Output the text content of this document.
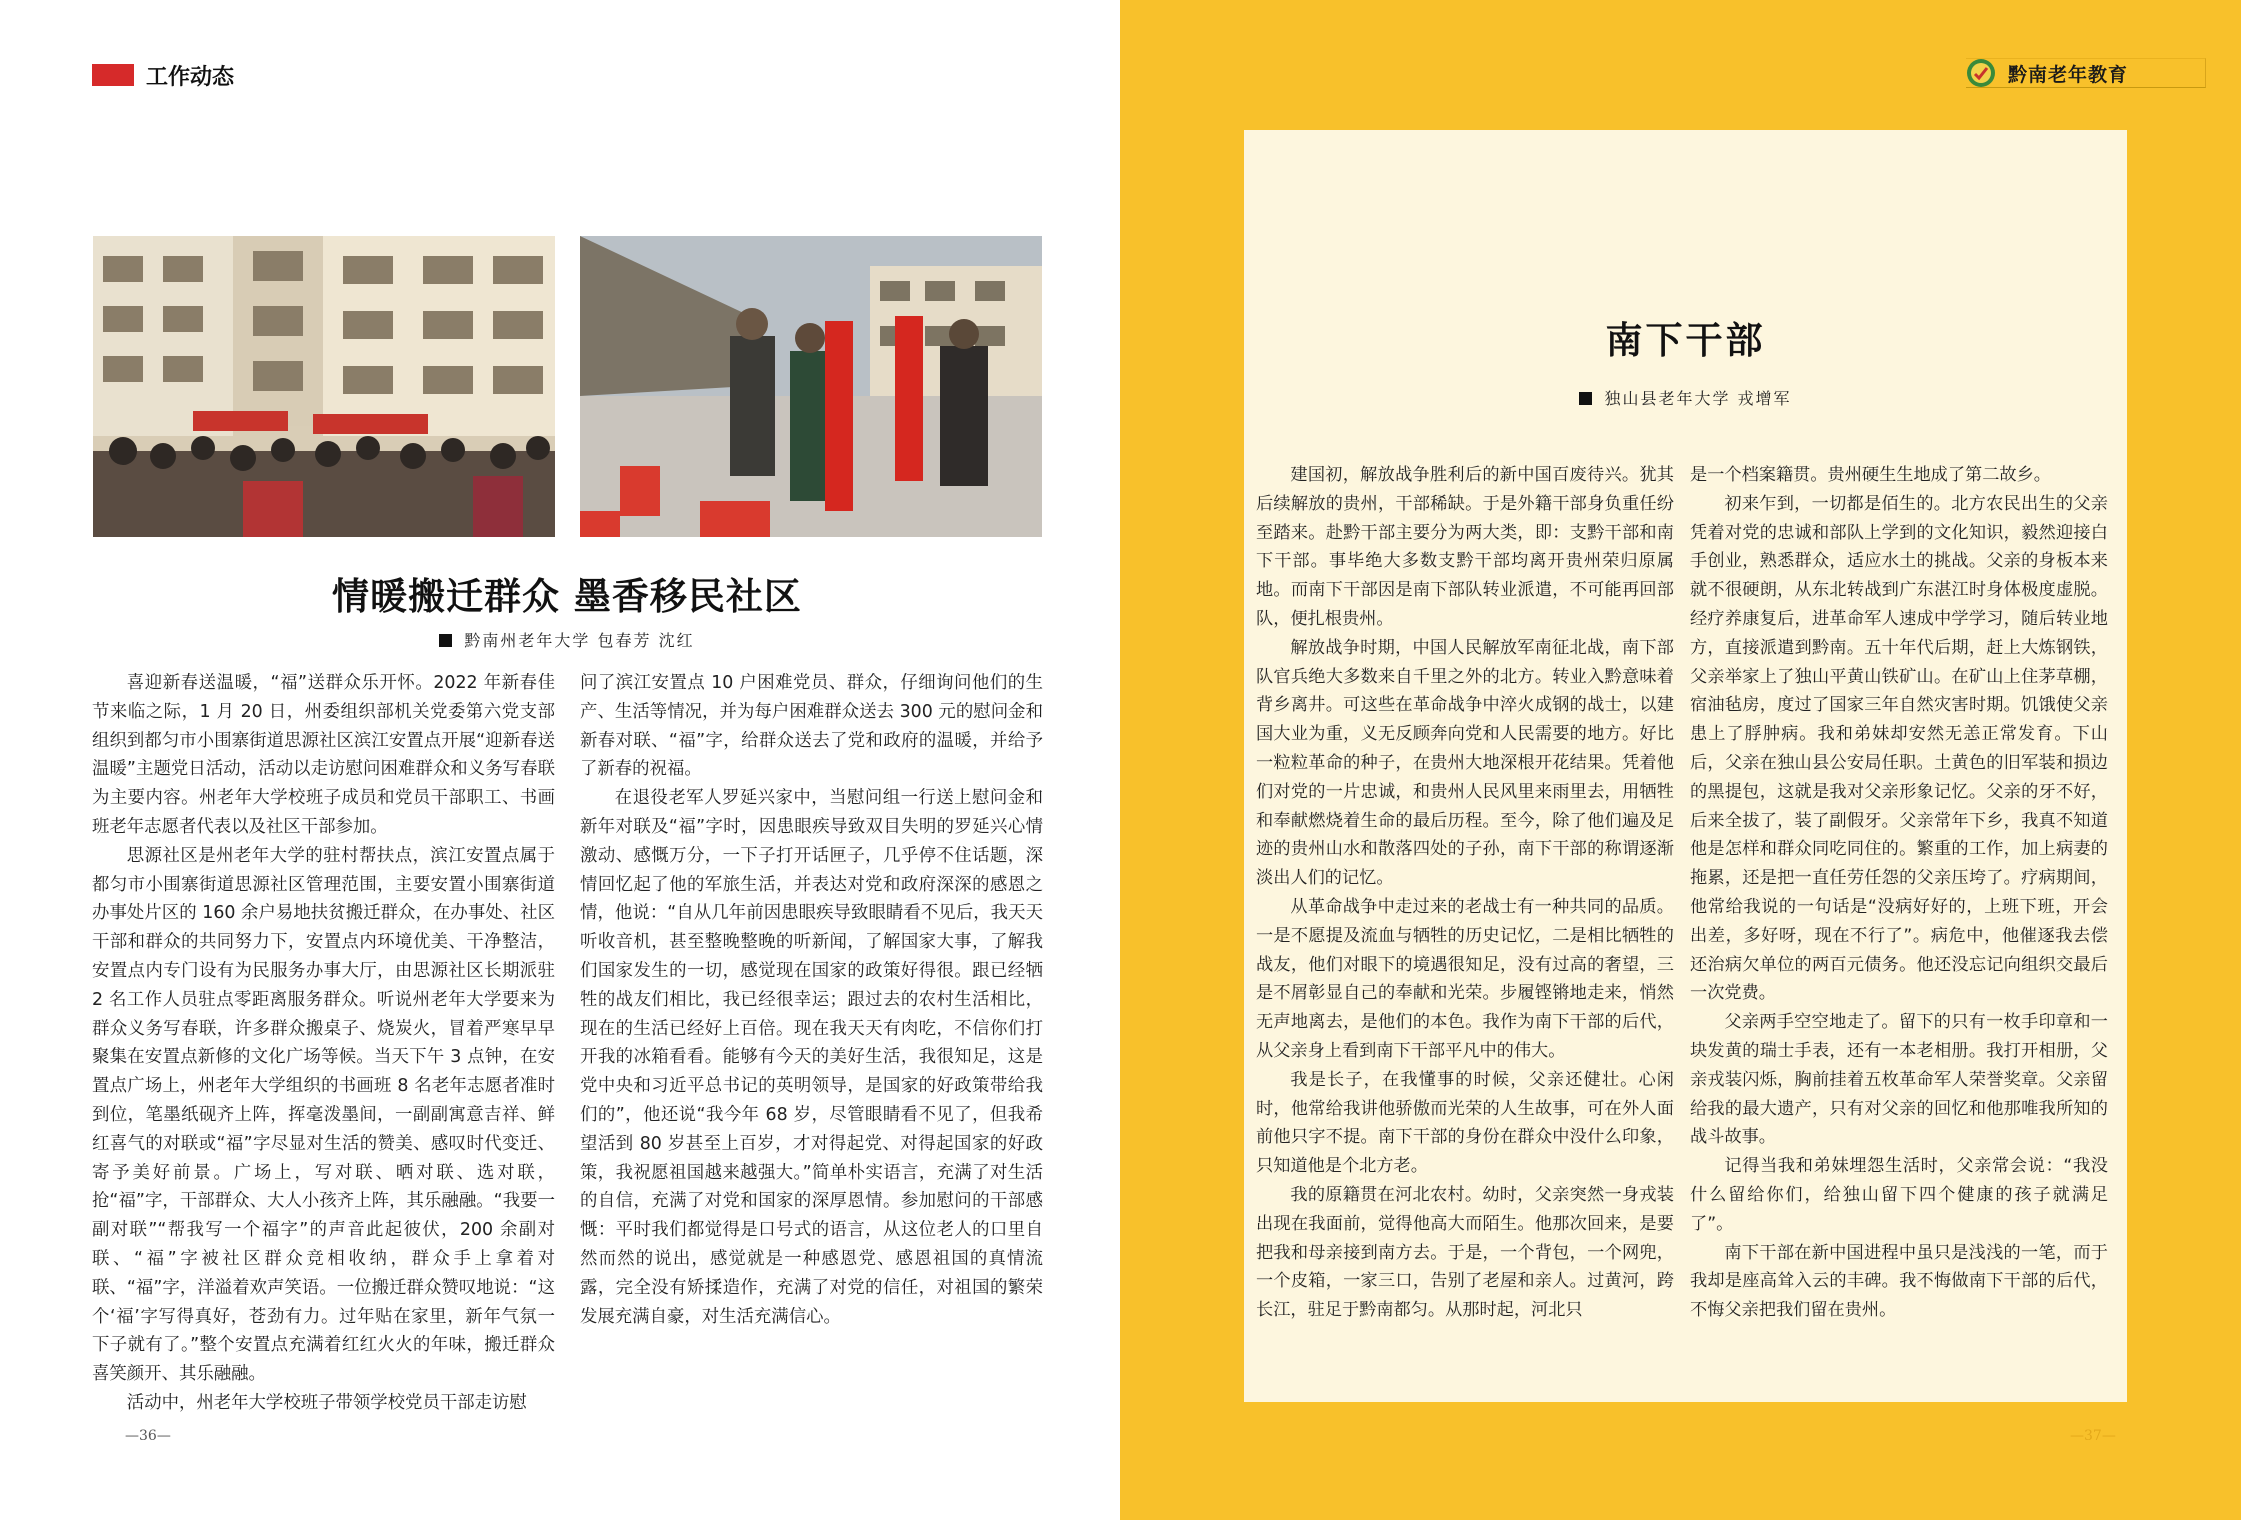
工作动态
情暖搬迁群众 墨香移民社区
黔南州老年大学 包春芳 沈红

喜迎新春送温暖，“福”送群众乐开怀。2022 年新春佳节来临之际，1 月 20 日，州委组织部机关党委第六党支部组织到都匀市小围寨街道思源社区滨江安置点开展“迎新春送温暖”主题党日活动，活动以走访慰问困难群众和义务写春联为主要内容。州老年大学校班子成员和党员干部职工、书画班老年志愿者代表以及社区干部参加。

思源社区是州老年大学的驻村帮扶点，滨江安置点属于都匀市小围寨街道思源社区管理范围，主要安置小围寨街道办事处片区的 160 余户易地扶贫搬迁群众，在办事处、社区干部和群众的共同努力下，安置点内环境优美、干净整洁，安置点内专门设有为民服务办事大厅，由思源社区长期派驻 2 名工作人员驻点零距离服务群众。听说州老年大学要来为群众义务写春联，许多群众搬桌子、烧炭火，冒着严寒早早聚集在安置点新修的文化广场等候。当天下午 3 点钟，在安置点广场上，州老年大学组织的书画班 8 名老年志愿者准时到位，笔墨纸砚齐上阵，挥毫泼墨间，一副副寓意吉祥、鲜红喜气的对联或“福”字尽显对生活的赞美、感叹时代变迁、寄予美好前景。广场上，写对联、晒对联、选对联，抢“福”字，干部群众、大人小孩齐上阵，其乐融融。“我要一副对联”“帮我写一个福字”的声音此起彼伏，200 余副对联、“福”字被社区群众竞相收纳，群众手上拿着对联、“福”字，洋溢着欢声笑语。一位搬迁群众赞叹地说：“这个‘福’字写得真好，苍劲有力。过年贴在家里，新年气氛一下子就有了。”整个安置点充满着红红火火的年味，搬迁群众喜笑颜开、其乐融融。

活动中，州老年大学校班子带领学校党员干部走访慰

问了滨江安置点 10 户困难党员、群众，仔细询问他们的生产、生活等情况，并为每户困难群众送去 300 元的慰问金和新春对联、“福”字，给群众送去了党和政府的温暖，并给予了新春的祝福。

在退役老军人罗延兴家中，当慰问组一行送上慰问金和新年对联及“福”字时，因患眼疾导致双目失明的罗延兴心情激动、感慨万分，一下子打开话匣子，几乎停不住话题，深情回忆起了他的军旅生活，并表达对党和政府深深的感恩之情，他说：“自从几年前因患眼疾导致眼睛看不见后，我天天听收音机，甚至整晚整晚的听新闻，了解国家大事，了解我们国家发生的一切，感觉现在国家的政策好得很。跟已经牺牲的战友们相比，我已经很幸运；跟过去的农村生活相比，现在的生活已经好上百倍。现在我天天有肉吃，不信你们打开我的冰箱看看。能够有今天的美好生活，我很知足，这是党中央和习近平总书记的英明领导，是国家的好政策带给我们的”，他还说“我今年 68 岁，尽管眼睛看不见了，但我希望活到 80 岁甚至上百岁，才对得起党、对得起国家的好政策，我祝愿祖国越来越强大。”简单朴实语言，充满了对生活的自信，充满了对党和国家的深厚恩情。参加慰问的干部感慨：平时我们都觉得是口号式的语言，从这位老人的口里自然而然的说出，感觉就是一种感恩党、感恩祖国的真情流露，完全没有矫揉造作，充满了对党的信任，对祖国的繁荣发展充满自豪，对生活充满信心。

—36—
黔南老年教育
南下干部
独山县老年大学 戎增军

建国初，解放战争胜利后的新中国百废待兴。犹其后续解放的贵州，干部稀缺。于是外籍干部身负重任纷至踏来。赴黔干部主要分为两大类，即：支黔干部和南下干部。事毕绝大多数支黔干部均离开贵州荣归原属地。而南下干部因是南下部队转业派遣，不可能再回部队，便扎根贵州。

解放战争时期，中国人民解放军南征北战，南下部队官兵绝大多数来自千里之外的北方。转业入黔意味着背乡离井。可这些在革命战争中淬火成钢的战士，以建国大业为重，义无反顾奔向党和人民需要的地方。好比一粒粒革命的种子，在贵州大地深根开花结果。凭着他们对党的一片忠诚，和贵州人民风里来雨里去，用牺牲和奉献燃烧着生命的最后历程。至今，除了他们遍及足迹的贵州山水和散落四处的子孙，南下干部的称谓逐渐淡出人们的记忆。

从革命战争中走过来的老战士有一种共同的品质。一是不愿提及流血与牺牲的历史记忆，二是相比牺牲的战友，他们对眼下的境遇很知足，没有过高的奢望，三是不屑彰显自己的奉献和光荣。步履铿锵地走来，悄然无声地离去，是他们的本色。我作为南下干部的后代，从父亲身上看到南下干部平凡中的伟大。

我是长子，在我懂事的时候，父亲还健壮。心闲时，他常给我讲他骄傲而光荣的人生故事，可在外人面前他只字不提。南下干部的身份在群众中没什么印象，只知道他是个北方老。

我的原籍贯在河北农村。幼时，父亲突然一身戎装出现在我面前，觉得他高大而陌生。他那次回来，是要把我和母亲接到南方去。于是，一个背包，一个网兜，一个皮箱，一家三口，告别了老屋和亲人。过黄河，跨长江，驻足于黔南都匀。从那时起，河北只

是一个档案籍贯。贵州硬生生地成了第二故乡。

初来乍到，一切都是佰生的。北方农民出生的父亲凭着对党的忠诚和部队上学到的文化知识，毅然迎接白手创业，熟悉群众，适应水土的挑战。父亲的身板本来就不很硬朗，从东北转战到广东湛江时身体极度虚脱。经疗养康复后，进革命军人速成中学学习，随后转业地方，直接派遣到黔南。五十年代后期，赶上大炼钢铁，父亲举家上了独山平黄山铁矿山。在矿山上住茅草棚，宿油毡房，度过了国家三年自然灾害时期。饥饿使父亲患上了脬肿病。我和弟妹却安然无恙正常发育。下山后，父亲在独山县公安局任职。土黄色的旧军装和损边的黑提包，这就是我对父亲形象记忆。父亲的牙不好，后来全拔了，装了副假牙。父亲常年下乡，我真不知道他是怎样和群众同吃同住的。繁重的工作，加上病妻的拖累，还是把一直任劳任怨的父亲压垮了。疗病期间，他常给我说的一句话是“没病好好的，上班下班，开会出差，多好呀，现在不行了”。病危中，他催逐我去偿还治病欠单位的两百元债务。他还没忘记向组织交最后一次党费。

父亲两手空空地走了。留下的只有一枚手印章和一块发黄的瑞士手表，还有一本老相册。我打开相册，父亲戎装闪烁，胸前挂着五枚革命军人荣誉奖章。父亲留给我的最大遗产，只有对父亲的回忆和他那唯我所知的战斗故事。

记得当我和弟妹埋怨生活时，父亲常会说：“我没什么留给你们，给独山留下四个健康的孩子就满足了”。

南下干部在新中国进程中虽只是浅浅的一笔，而于我却是座高耸入云的丰碑。我不悔做南下干部的后代，不悔父亲把我们留在贵州。

—37—
